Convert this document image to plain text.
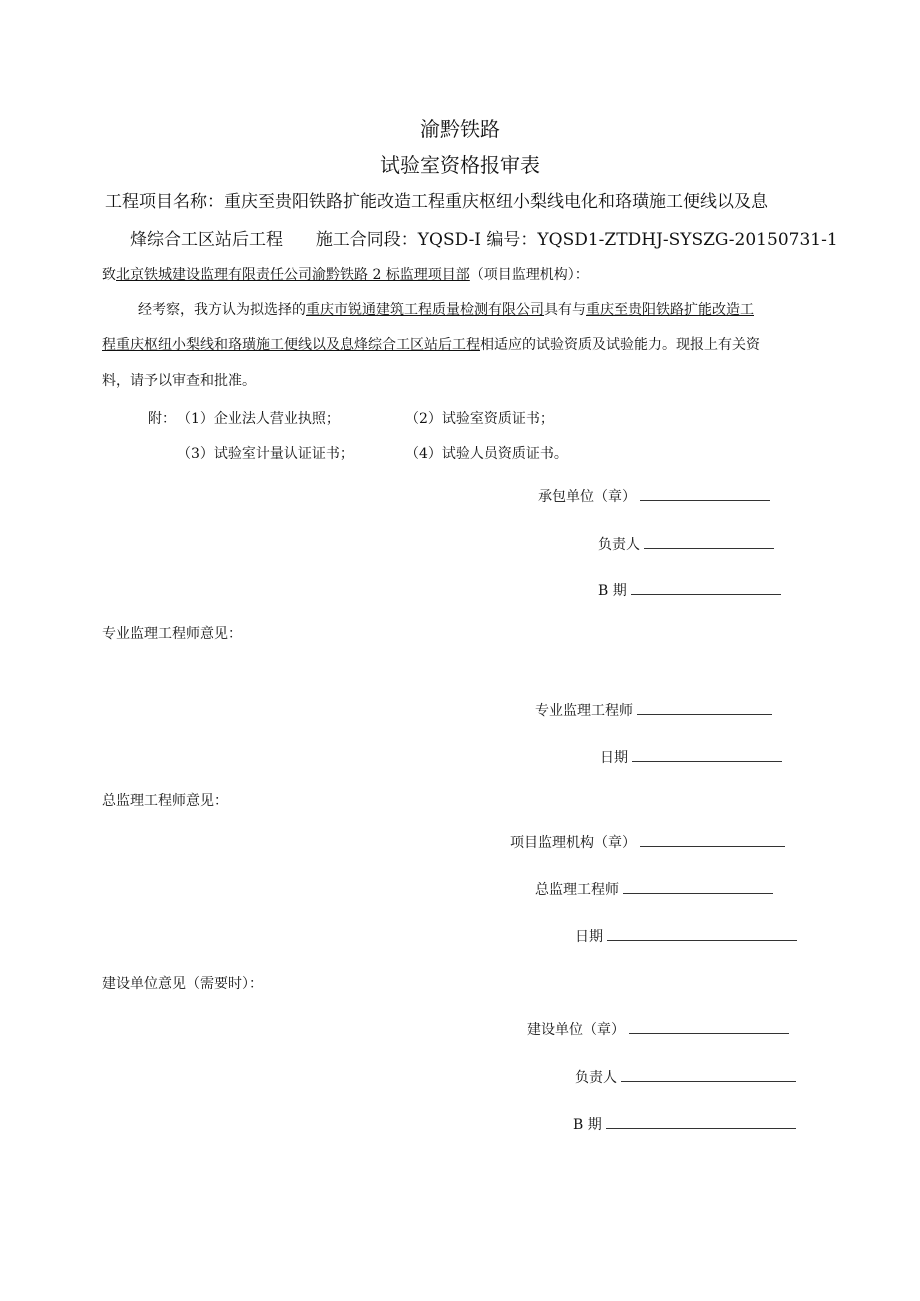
渝黔铁路
试验室资格报审表
工程项目名称：重庆至贵阳铁路扩能改造工程重庆枢纽小梨线电化和珞璜施工便线以及息
烽综合工区站后工程 施工合同段：YQSD-I 编号：YQSD1-ZTDHJ-SYSZG-20150731-1
致北京铁城建设监理有限责任公司渝黔铁路 2 标监理项目部（项目监理机构）：
经考察，我方认为拟选择的重庆市锐通建筑工程质量检测有限公司具有与重庆至贵阳铁路扩能改造工
程重庆枢纽小梨线和珞璜施工便线以及息烽综合工区站后工程相适应的试验资质及试验能力。现报上有关资
料，请予以审查和批准。
附： （1）企业法人营业执照；	（2）试验室资质证书；
（3）试验室计量认证证书；	（4）试验人员资质证书。
承包单位（章）
负责人
B 期
专业监理工程师意见：
专业监理工程师
日期
总监理工程师意见：
项目监理机构（章）
总监理工程师
日期
建设单位意见（需要时）：
建设单位（章）
负责人
B 期
